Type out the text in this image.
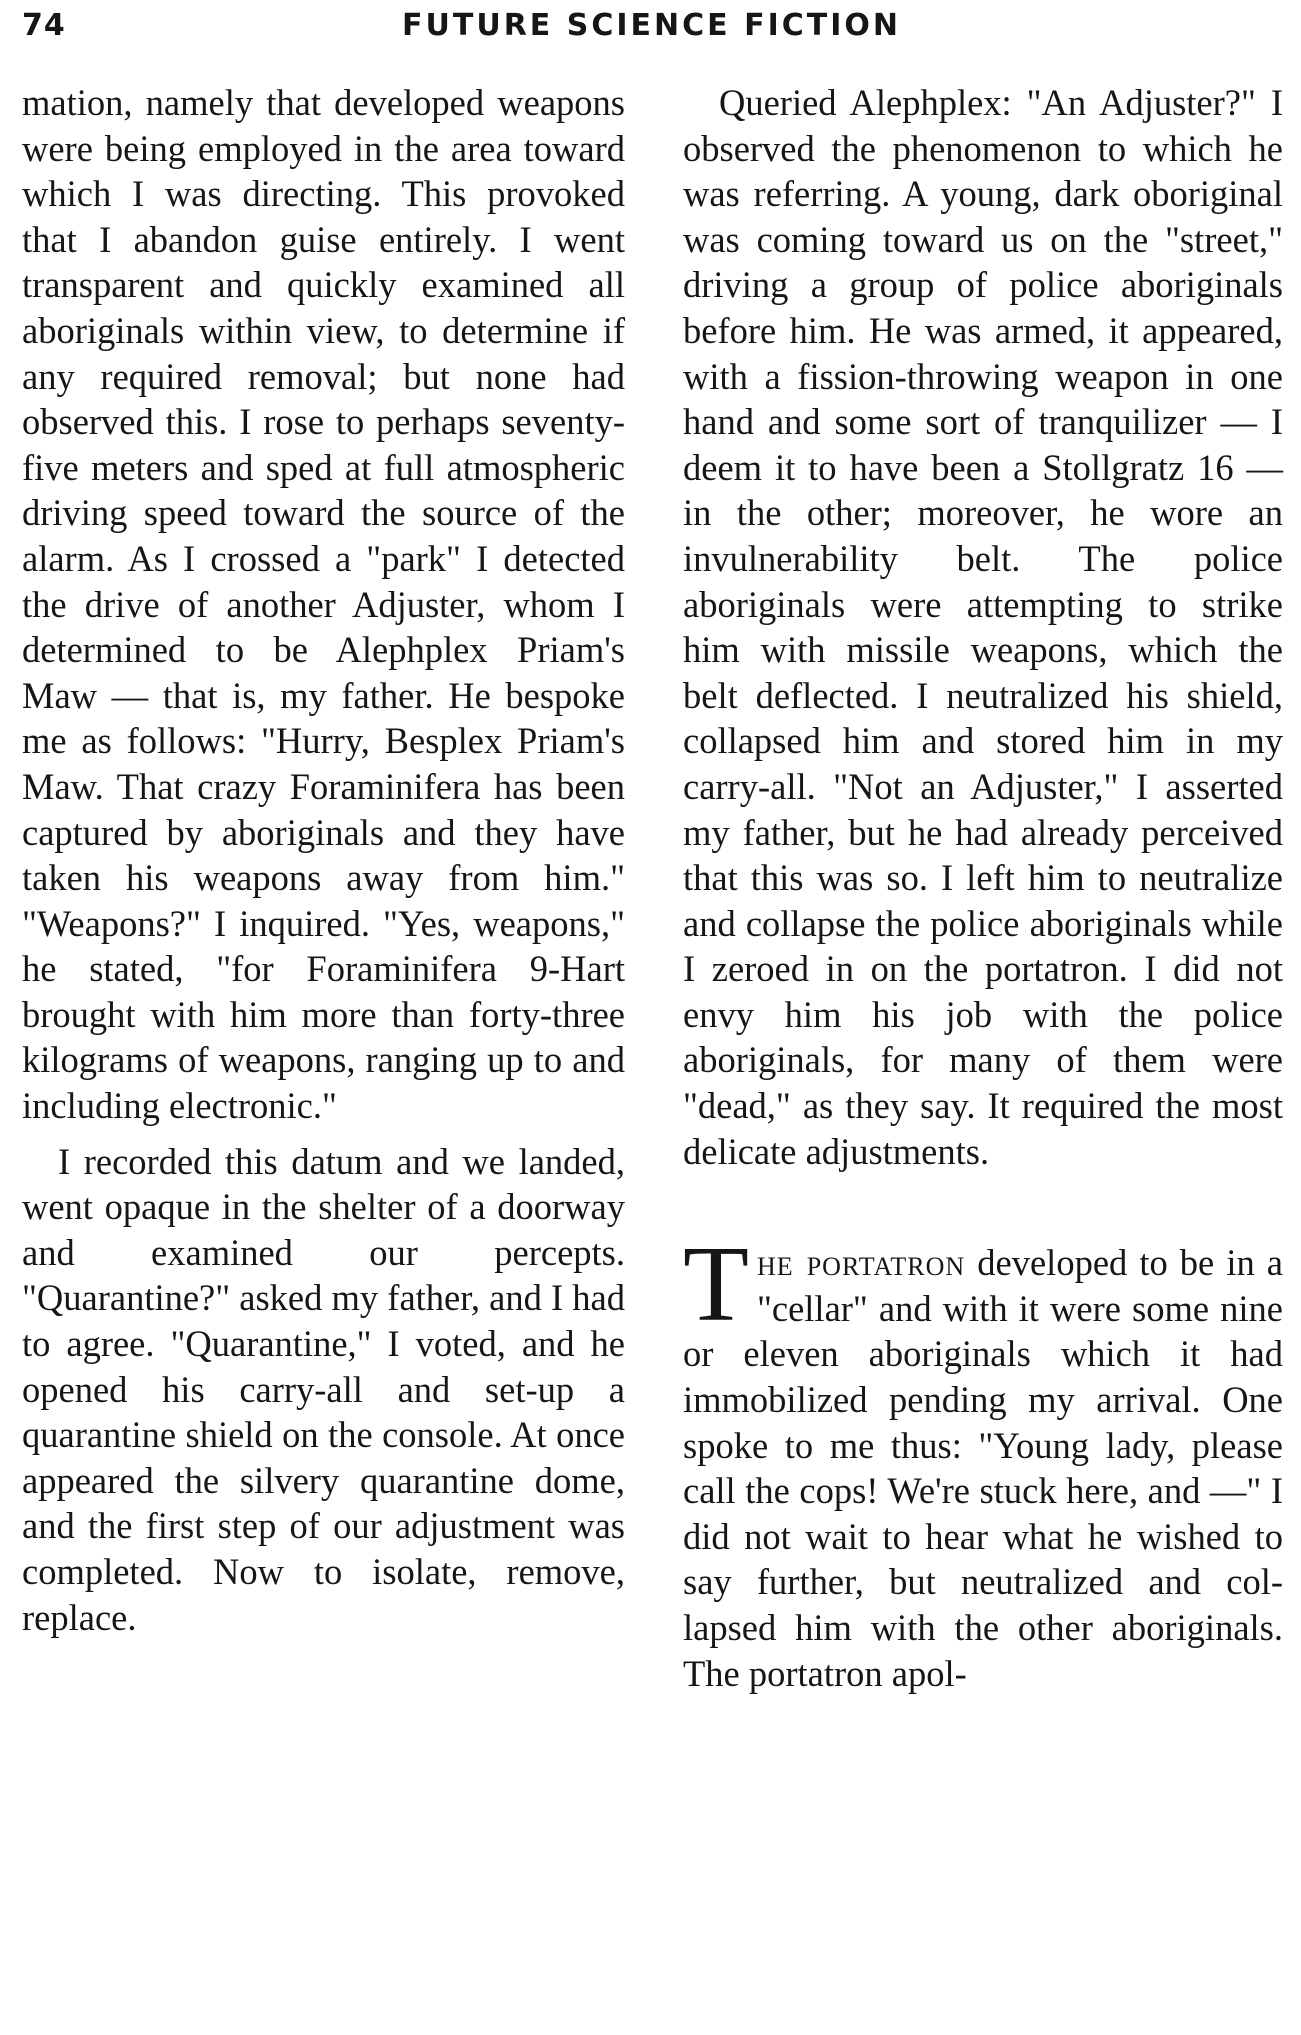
74	FUTURE SCIENCE FICTION

mation, namely that developed weapons were being employed in the area toward which I was directing. This provoked that I abandon guise entirely. I went transparent and quickly examined all aboriginals within view, to determine if any required removal; but none had observed this. I rose to perhaps seventy-five meters and sped at full atmospheric driving speed toward the source of the alarm. As I crossed a "park" I detected the drive of another Adjuster, whom I determined to be Alephplex Priam's Maw — that is, my father. He bespoke me as follows: "Hurry, Besplex Priam's Maw. That crazy Foraminifera has been captured by aboriginals and they have taken his weapons away from him." "Weapons?" I inquired. "Yes, weapons," he stated, "for Foraminifera 9-Hart brought with him more than forty-three kilograms of weapons, ranging up to and including electronic."

I recorded this datum and we landed, went opaque in the shelter of a doorway and examined our percepts. "Quarantine?" asked my father, and I had to agree. "Quarantine," I voted, and he opened his carry-all and set-up a quarantine shield on the console. At once appeared the silvery quarantine dome, and the first step of our adjustment was completed. Now to isolate, remove, replace.

Queried Alephplex: "An Adjuster?" I observed the phenomenon to which he was referring. A young, dark oboriginal was coming toward us on the "street," driving a group of police aboriginals before him. He was armed, it appeared, with a fission-throwing weapon in one hand and some sort of tranquilizer — I deem it to have been a Stollgratz 16 — in the other; moreover, he wore an invulnerability belt. The police aboriginals were attempting to strike him with missile weapons, which the belt deflected. I neutralized his shield, collapsed him and stored him in my carry-all. "Not an Adjuster," I asserted my father, but he had already perceived that this was so. I left him to neutralize and collapse the police aboriginals while I zeroed in on the portatron. I did not envy him his job with the police aboriginals, for many of them were "dead," as they say. It required the most delicate adjustments.

The portatron developed to be in a "cellar" and with it were some nine or eleven aboriginals which it had immobilized pending my arrival. One spoke to me thus: "Young lady, please call the cops! We're stuck here, and —" I did not wait to hear what he wished to say further, but neutralized and collapsed him with the other aboriginals. The portatron apol-
